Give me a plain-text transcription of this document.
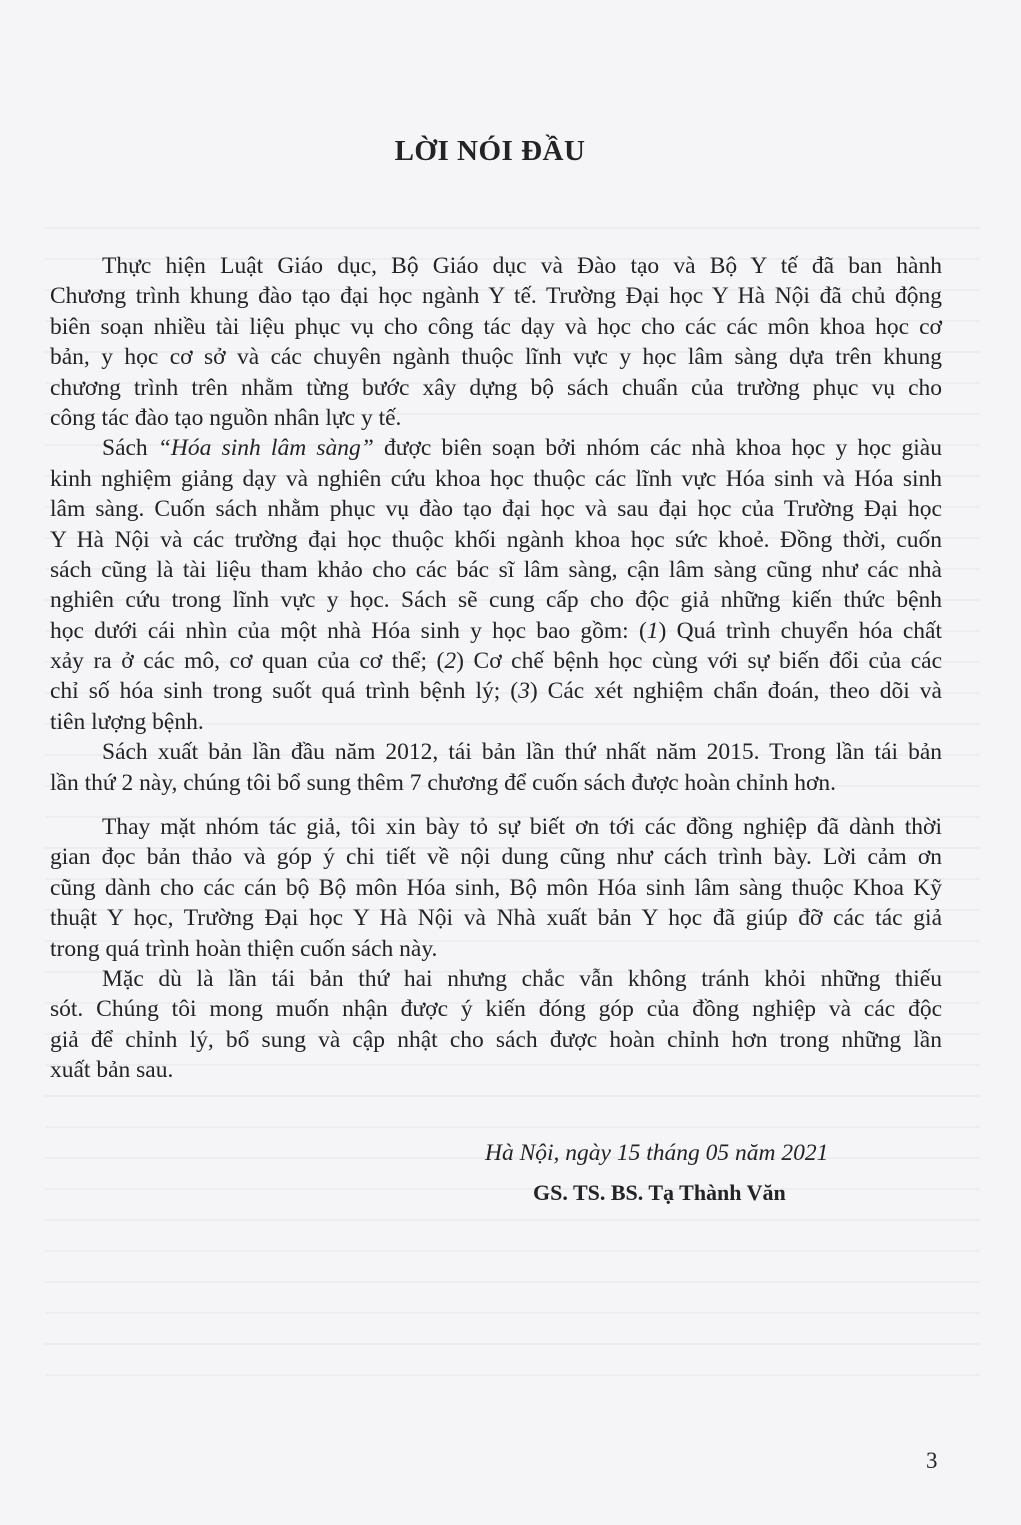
LỜI NÓI ĐẦU
Thực hiện Luật Giáo dục, Bộ Giáo dục và Đào tạo và Bộ Y tế đã ban hành
Chương trình khung đào tạo đại học ngành Y tế. Trường Đại học Y Hà Nội đã chủ động
biên soạn nhiều tài liệu phục vụ cho công tác dạy và học cho các các môn khoa học cơ
bản, y học cơ sở và các chuyên ngành thuộc lĩnh vực y học lâm sàng dựa trên khung
chương trình trên nhằm từng bước xây dựng bộ sách chuẩn của trường phục vụ cho
công tác đào tạo nguồn nhân lực y tế.
Sách “Hóa sinh lâm sàng” được biên soạn bởi nhóm các nhà khoa học y học giàu
kinh nghiệm giảng dạy và nghiên cứu khoa học thuộc các lĩnh vực Hóa sinh và Hóa sinh
lâm sàng. Cuốn sách nhằm phục vụ đào tạo đại học và sau đại học của Trường Đại học
Y Hà Nội và các trường đại học thuộc khối ngành khoa học sức khoẻ. Đồng thời, cuốn
sách cũng là tài liệu tham khảo cho các bác sĩ lâm sàng, cận lâm sàng cũng như các nhà
nghiên cứu trong lĩnh vực y học. Sách sẽ cung cấp cho độc giả những kiến thức bệnh
học dưới cái nhìn của một nhà Hóa sinh y học bao gồm: (1) Quá trình chuyển hóa chất
xảy ra ở các mô, cơ quan của cơ thể; (2) Cơ chế bệnh học cùng với sự biến đổi của các
chỉ số hóa sinh trong suốt quá trình bệnh lý; (3) Các xét nghiệm chẩn đoán, theo dõi và
tiên lượng bệnh.
Sách xuất bản lần đầu năm 2012, tái bản lần thứ nhất năm 2015. Trong lần tái bản
lần thứ 2 này, chúng tôi bổ sung thêm 7 chương để cuốn sách được hoàn chỉnh hơn.
Thay mặt nhóm tác giả, tôi xin bày tỏ sự biết ơn tới các đồng nghiệp đã dành thời
gian đọc bản thảo và góp ý chi tiết về nội dung cũng như cách trình bày. Lời cảm ơn
cũng dành cho các cán bộ Bộ môn Hóa sinh, Bộ môn Hóa sinh lâm sàng thuộc Khoa Kỹ
thuật Y học, Trường Đại học Y Hà Nội và Nhà xuất bản Y học đã giúp đỡ các tác giả
trong quá trình hoàn thiện cuốn sách này.
Mặc dù là lần tái bản thứ hai nhưng chắc vẫn không tránh khỏi những thiếu
sót. Chúng tôi mong muốn nhận được ý kiến đóng góp của đồng nghiệp và các độc
giả để chỉnh lý, bổ sung và cập nhật cho sách được hoàn chỉnh hơn trong những lần
xuất bản sau.
Hà Nội, ngày 15 tháng 05 năm 2021
GS. TS. BS. Tạ Thành Văn
3
